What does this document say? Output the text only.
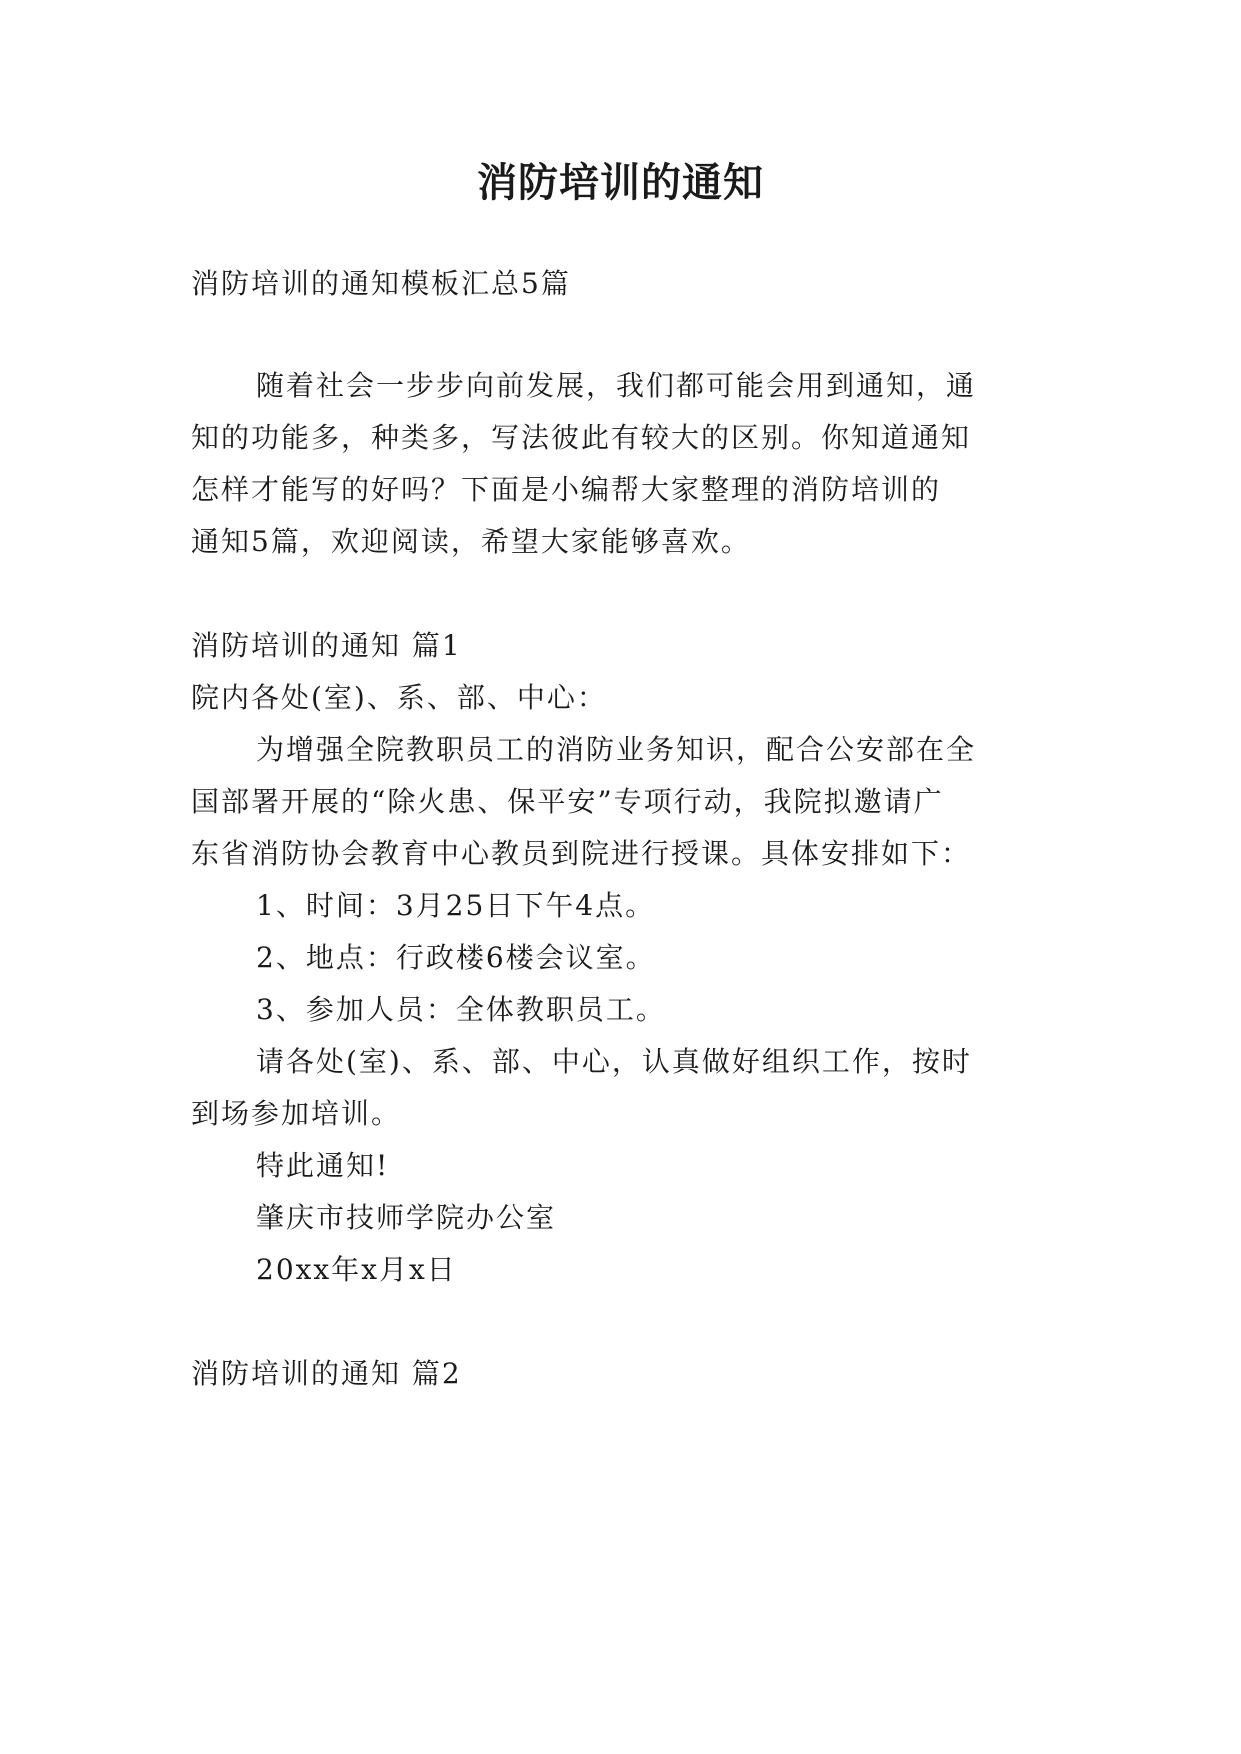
消防培训的通知
消防培训的通知模板汇总5篇
随着社会一步步向前发展，我们都可能会用到通知，通
知的功能多，种类多，写法彼此有较大的区别。你知道通知
怎样才能写的好吗？下面是小编帮大家整理的消防培训的
通知5篇，欢迎阅读，希望大家能够喜欢。
消防培训的通知 篇1
院内各处(室)、系、部、中心：
为增强全院教职员工的消防业务知识，配合公安部在全
国部署开展的“除火患、保平安”专项行动，我院拟邀请广
东省消防协会教育中心教员到院进行授课。具体安排如下：
1、时间：3月25日下午4点。
2、地点：行政楼6楼会议室。
3、参加人员：全体教职员工。
请各处(室)、系、部、中心，认真做好组织工作，按时
到场参加培训。
特此通知!
肇庆市技师学院办公室
20xx年x月x日
消防培训的通知 篇2
